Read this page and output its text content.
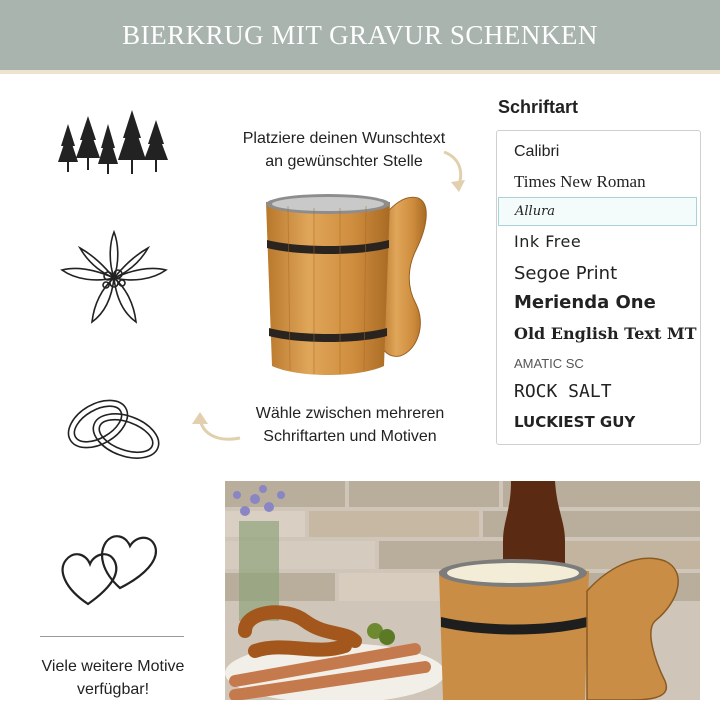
BIERKRUG MIT GRAVUR SCHENKEN
Platziere deinen Wunschtext
an gewünschter Stelle
Wähle zwischen mehreren
Schriftarten und Motiven
Viele weitere Motive
verfügbar!
Schriftart
Calibri
Times New Roman
Allura
Ink Free
Segoe Print
Merienda One
Old English Text MT
AMATIC SC
ROCK SALT
LUCKIEST GUY
